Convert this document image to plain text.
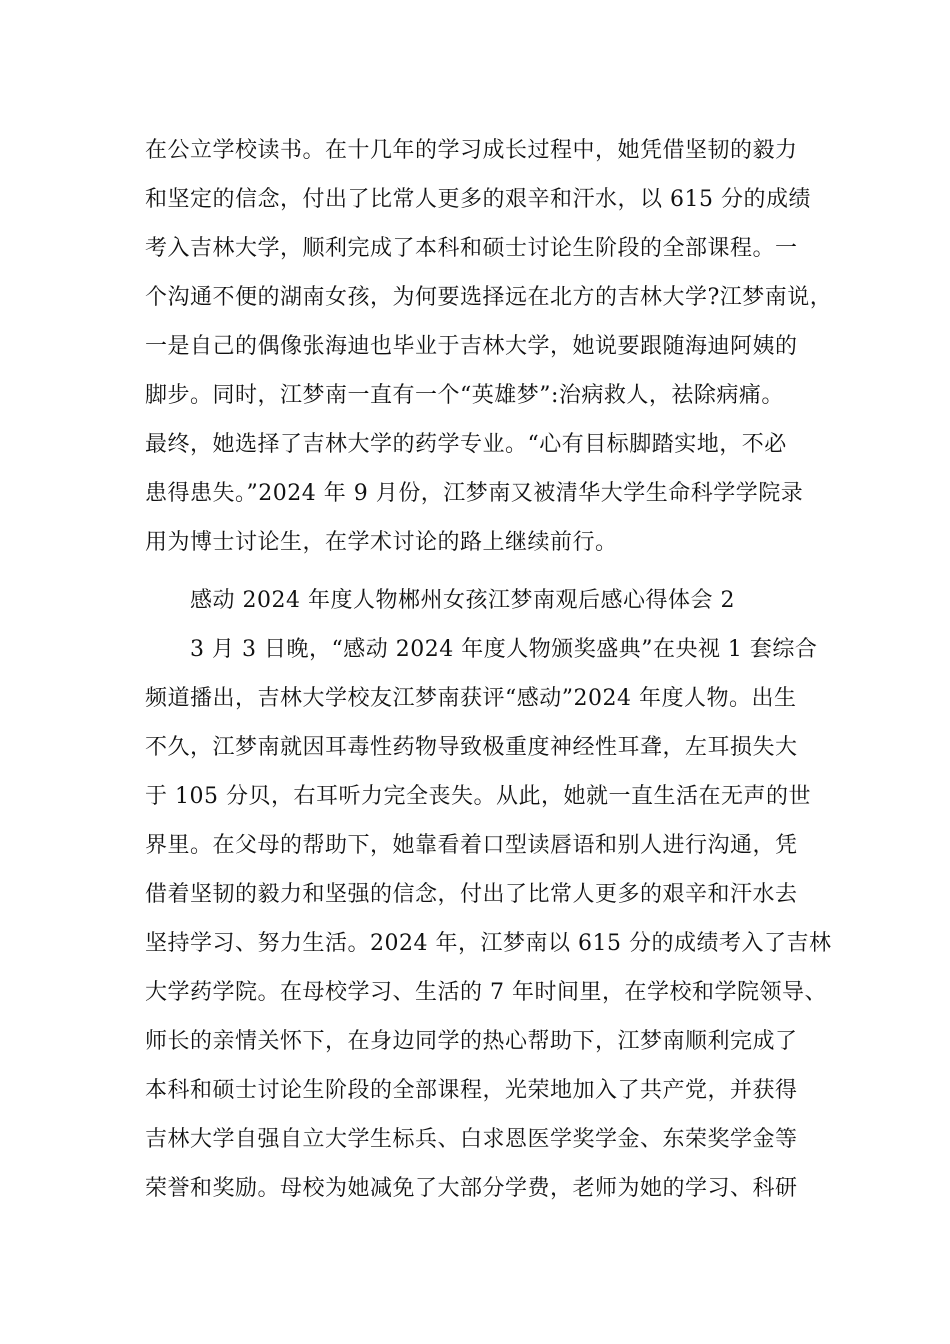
在公立学校读书。在十几年的学习成长过程中，她凭借坚韧的毅力
和坚定的信念，付出了比常人更多的艰辛和汗水，以 615 分的成绩
考入吉林大学，顺利完成了本科和硕士讨论生阶段的全部课程。一
个沟通不便的湖南女孩，为何要选择远在北方的吉林大学?江梦南说，
一是自己的偶像张海迪也毕业于吉林大学，她说要跟随海迪阿姨的
脚步。同时，江梦南一直有一个“英雄梦”:治病救人，祛除病痛。
最终，她选择了吉林大学的药学专业。“心有目标脚踏实地，不必
患得患失。”2024 年 9 月份，江梦南又被清华大学生命科学学院录
用为博士讨论生，在学术讨论的路上继续前行。
感动 2024 年度人物郴州女孩江梦南观后感心得体会 2
3 月 3 日晚，“感动 2024 年度人物颁奖盛典”在央视 1 套综合
频道播出，吉林大学校友江梦南获评“感动”2024 年度人物。出生
不久，江梦南就因耳毒性药物导致极重度神经性耳聋，左耳损失大
于 105 分贝，右耳听力完全丧失。从此，她就一直生活在无声的世
界里。在父母的帮助下，她靠看着口型读唇语和别人进行沟通，凭
借着坚韧的毅力和坚强的信念，付出了比常人更多的艰辛和汗水去
坚持学习、努力生活。2024 年，江梦南以 615 分的成绩考入了吉林
大学药学院。在母校学习、生活的 7 年时间里，在学校和学院领导、
师长的亲情关怀下，在身边同学的热心帮助下，江梦南顺利完成了
本科和硕士讨论生阶段的全部课程，光荣地加入了共产党，并获得
吉林大学自强自立大学生标兵、白求恩医学奖学金、东荣奖学金等
荣誉和奖励。母校为她减免了大部分学费，老师为她的学习、科研
